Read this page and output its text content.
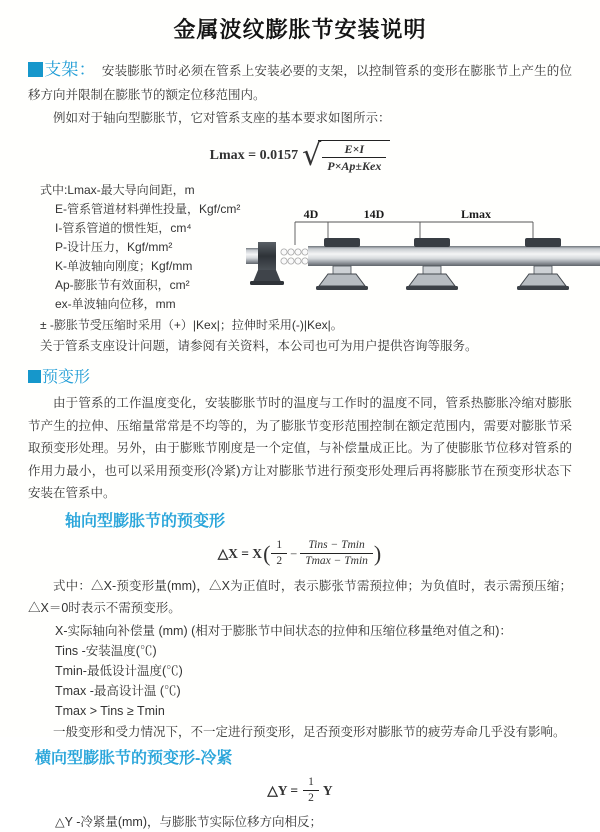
金属波纹膨胀节安装说明

支架： 安装膨胀节时必须在管系上安装必要的支架，以控制管系的变形在膨胀节上产生的位移方向并限制在膨胀节的额定位移范围内。

例如对于轴向型膨胀节，它对管系支座的基本要求如图所示：

Lmax = 0.0157 √ $\frac{E\times I}{\text{P×Ap±Kex}}$
式中:Lmax-最大导向间距，m
E-管系管道材料弹性投量，Kgf/cm²
I-管系管道的惯性矩，cm⁴
P-设计压力，Kgf/mm²
K-单波轴向刚度；Kgf/mm
Ap-膨胀节有效面积，cm²
ex-单波轴向位移，mm
4D	14D	Lmax
± -膨胀节受压缩时采用（+）|Kex|；拉伸时采用(-)|Kex|。
关于管系支座设计问题，请参阅有关资料，本公司也可为用户提供咨询等服务。
预变形

由于管系的工作温度变化，安装膨胀节时的温度与工作时的温度不同，管系热膨胀冷缩对膨胀节产生的拉伸、压缩量常常是不均等的，为了膨胀节变形范围控制在额定范围内，需要对膨胀节采取预变形处理。另外，由于膨账节刚度是一个定值，与补偿量成正比。为了使膨胀节位移对管系的作用力最小，也可以采用预变形(冷紧)方让对膨胀节进行预变形处理后再将膨胀节在预变形状态下安装在管系中。

轴向型膨胀节的预变形
△X = X ( $\frac{1}{2} - \frac{\text{Tins − Tmin}}{Tmax - Tmin}$ )

式中：△X-预变形量(mm)，△X为正值时，表示膨张节需预拉伸；为负值时，表示需预压缩；△X＝0时表示不需预变形。

X-实际轴向补偿量 (mm) (相对于膨胀节中间状态的拉伸和压缩位移量绝对值之和)：
Tins -安装温度(℃)
Tmin-最低设计温度(℃)
Tmax -最高设计温 (℃)
Tmax > Tins ≥ Tmin
一般变形和受力情况下，不一定进行预变形，足否预变形对膨胀节的疲劳寿命几乎没有影响。
横向型膨胀节的预变形-冷紧
△Y = $\frac{1}{2}$ Y
△Y -冷紧量(mm)，与膨胀节实际位移方向相反；
